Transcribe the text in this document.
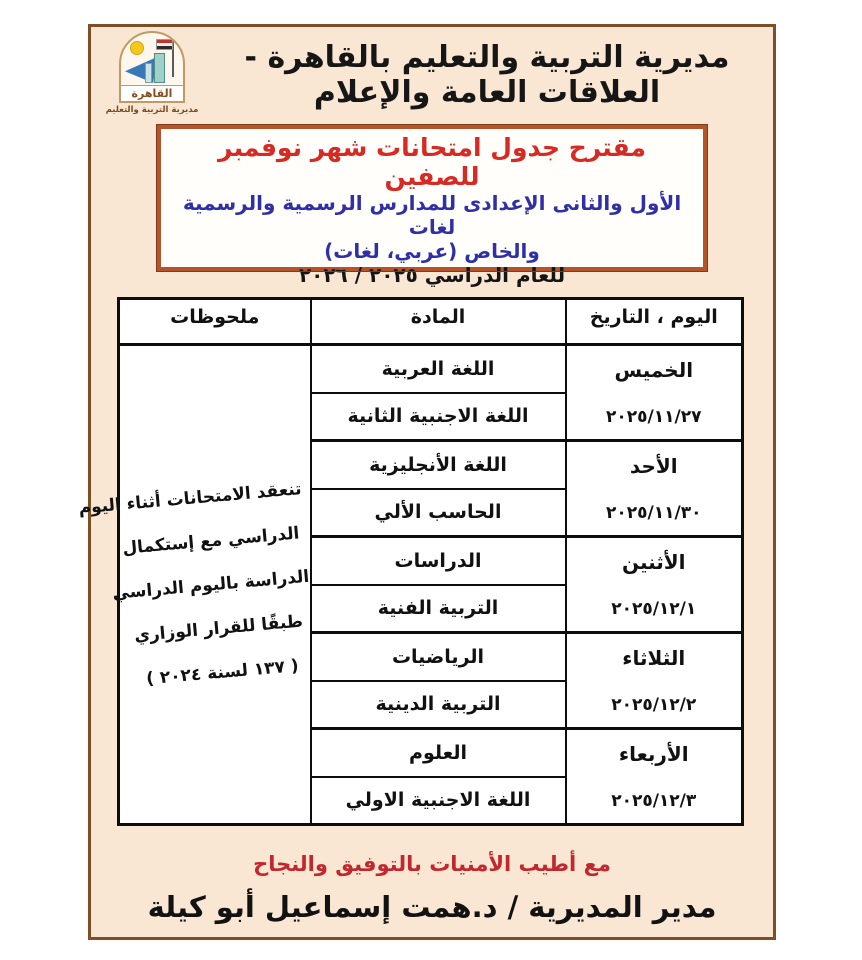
القاهرة
مديرية التربية والتعليم
مديرية التربية والتعليم بالقاهرة - العلاقات العامة والإعلام
مقترح جدول امتحانات شهر نوفمبر للصفين
الأول والثانى الإعدادى للمدارس الرسمية والرسمية لغات
والخاص (عربي، لغات)
للعام الدراسي ٢٠٢٥ / ٢٠٢٦
اليوم ، التاريخ	المادة	ملحوظات

الخميس
٢٠٢٥/١١/٢٧
	اللغة العربية	
تنعقد الامتحانات أثناء اليوم
الدراسي مع إستكمال
الدراسة باليوم الدراسي
طبقًا للقرار الوزاري
( ١٣٧ لسنة ٢٠٢٤ )

	اللغة الاجنبية الثانية	

الأحد
٢٠٢٥/١١/٣٠	اللغة الأنجليزية	
	الحاسب الألي	

الأثنين
٢٠٢٥/١٢/١	الدراسات	
	التربية الفنية	

الثلاثاء
٢٠٢٥/١٢/٢	الرياضيات	
	التربية الدينية	

الأربعاء
٢٠٢٥/١٢/٣	العلوم	
	اللغة الاجنبية الاولي	
مع أطيب الأمنيات بالتوفيق والنجاح
مدير المديرية / د.همت إسماعيل أبو كيلة
